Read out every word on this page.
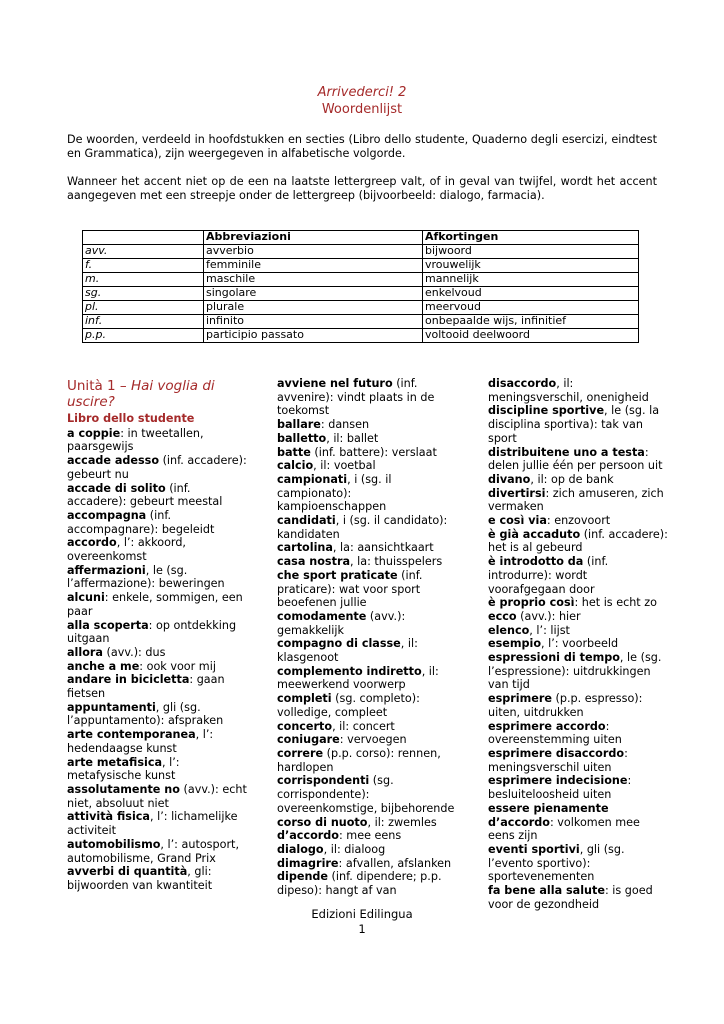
Arrivederci! 2
Woordenlijst
De woorden, verdeeld in hoofdstukken en secties (Libro dello studente, Quaderno degli esercizi, eindtest en Grammatica), zijn weergegeven in alfabetische volgorde.
Wanneer het accent niet op de een na laatste lettergreep valt, of in geval van twijfel, wordt het accent aangegeven met een streepje onder de lettergreep (bijvoorbeeld: dialogo, farmacia).
	Abbreviazioni	Afkortingen
avv.	avverbio	bijwoord
f.	femminile	vrouwelijk
m.	maschile	mannelijk
sg.	singolare	enkelvoud
pl.	plurale	meervoud
inf.	infinito	onbepaalde wijs, infinitief
p.p.	participio passato	voltooid deelwoord
Unità 1 – Hai voglia di uscire?
Libro dello studente
a coppie: in tweetallen, paarsgewijs
accade adesso (inf. accadere): gebeurt nu
accade di solito (inf. accadere): gebeurt meestal
accompagna (inf. accompagnare): begeleidt
accordo, l’: akkoord, overeenkomst
affermazioni, le (sg. l’affermazione): beweringen
alcuni: enkele, sommigen, een paar
alla scoperta: op ontdekking uitgaan
allora (avv.): dus
anche a me: ook voor mij
andare in bicicletta: gaan fietsen
appuntamenti, gli (sg. l’appuntamento): afspraken
arte contemporanea, l’: hedendaagse kunst
arte metafisica, l’: metafysische kunst
assolutamente no (avv.): echt niet, absoluut niet
attività fisica, l’: lichamelijke activiteit
automobilismo, l’: autosport, automobilisme, Grand Prix
avverbi di quantità, gli: bijwoorden van kwantiteit
avviene nel futuro (inf. avvenire): vindt plaats in de toekomst
ballare: dansen
balletto, il: ballet
batte (inf. battere): verslaat
calcio, il: voetbal
campionati, i (sg. il campionato): kampioenschappen
candidati, i (sg. il candidato): kandidaten
cartolina, la: aansichtkaart
casa nostra, la: thuisspelers
che sport praticate (inf. praticare): wat voor sport beoefenen jullie
comodamente (avv.): gemakkelijk
compagno di classe, il: klasgenoot
complemento indiretto, il: meewerkend voorwerp
completi (sg. completo): volledige, compleet
concerto, il: concert
coniugare: vervoegen
correre (p.p. corso): rennen, hardlopen
corrispondenti (sg. corrispondente): overeenkomstige, bijbehorende
corso di nuoto, il: zwemles
d’accordo: mee eens
dialogo, il: dialoog
dimagrire: afvallen, afslanken
dipende (inf. dipendere; p.p. dipeso): hangt af van
disaccordo, il: meningsverschil, onenigheid
discipline sportive, le (sg. la disciplina sportiva): tak van sport
distribuitene uno a testa: delen jullie één per persoon uit
divano, il: op de bank
divertirsi: zich amuseren, zich vermaken
e così via: enzovoort
è già accaduto (inf. accadere): het is al gebeurd
è introdotto da (inf. introdurre): wordt voorafgegaan door
è proprio così: het is echt zo
ecco (avv.): hier
elenco, l’: lijst
esempio, l’: voorbeeld
espressioni di tempo, le (sg. l’espressione): uitdrukkingen van tijd
esprimere (p.p. espresso): uiten, uitdrukken
esprimere accordo: overeenstemming uiten
esprimere disaccordo: meningsverschil uiten
esprimere indecisione: besluiteloosheid uiten
essere pienamente d’accordo: volkomen mee eens zijn
eventi sportivi, gli (sg. l’evento sportivo): sportevenementen
fa bene alla salute: is goed voor de gezondheid
Edizioni Edilingua
1
